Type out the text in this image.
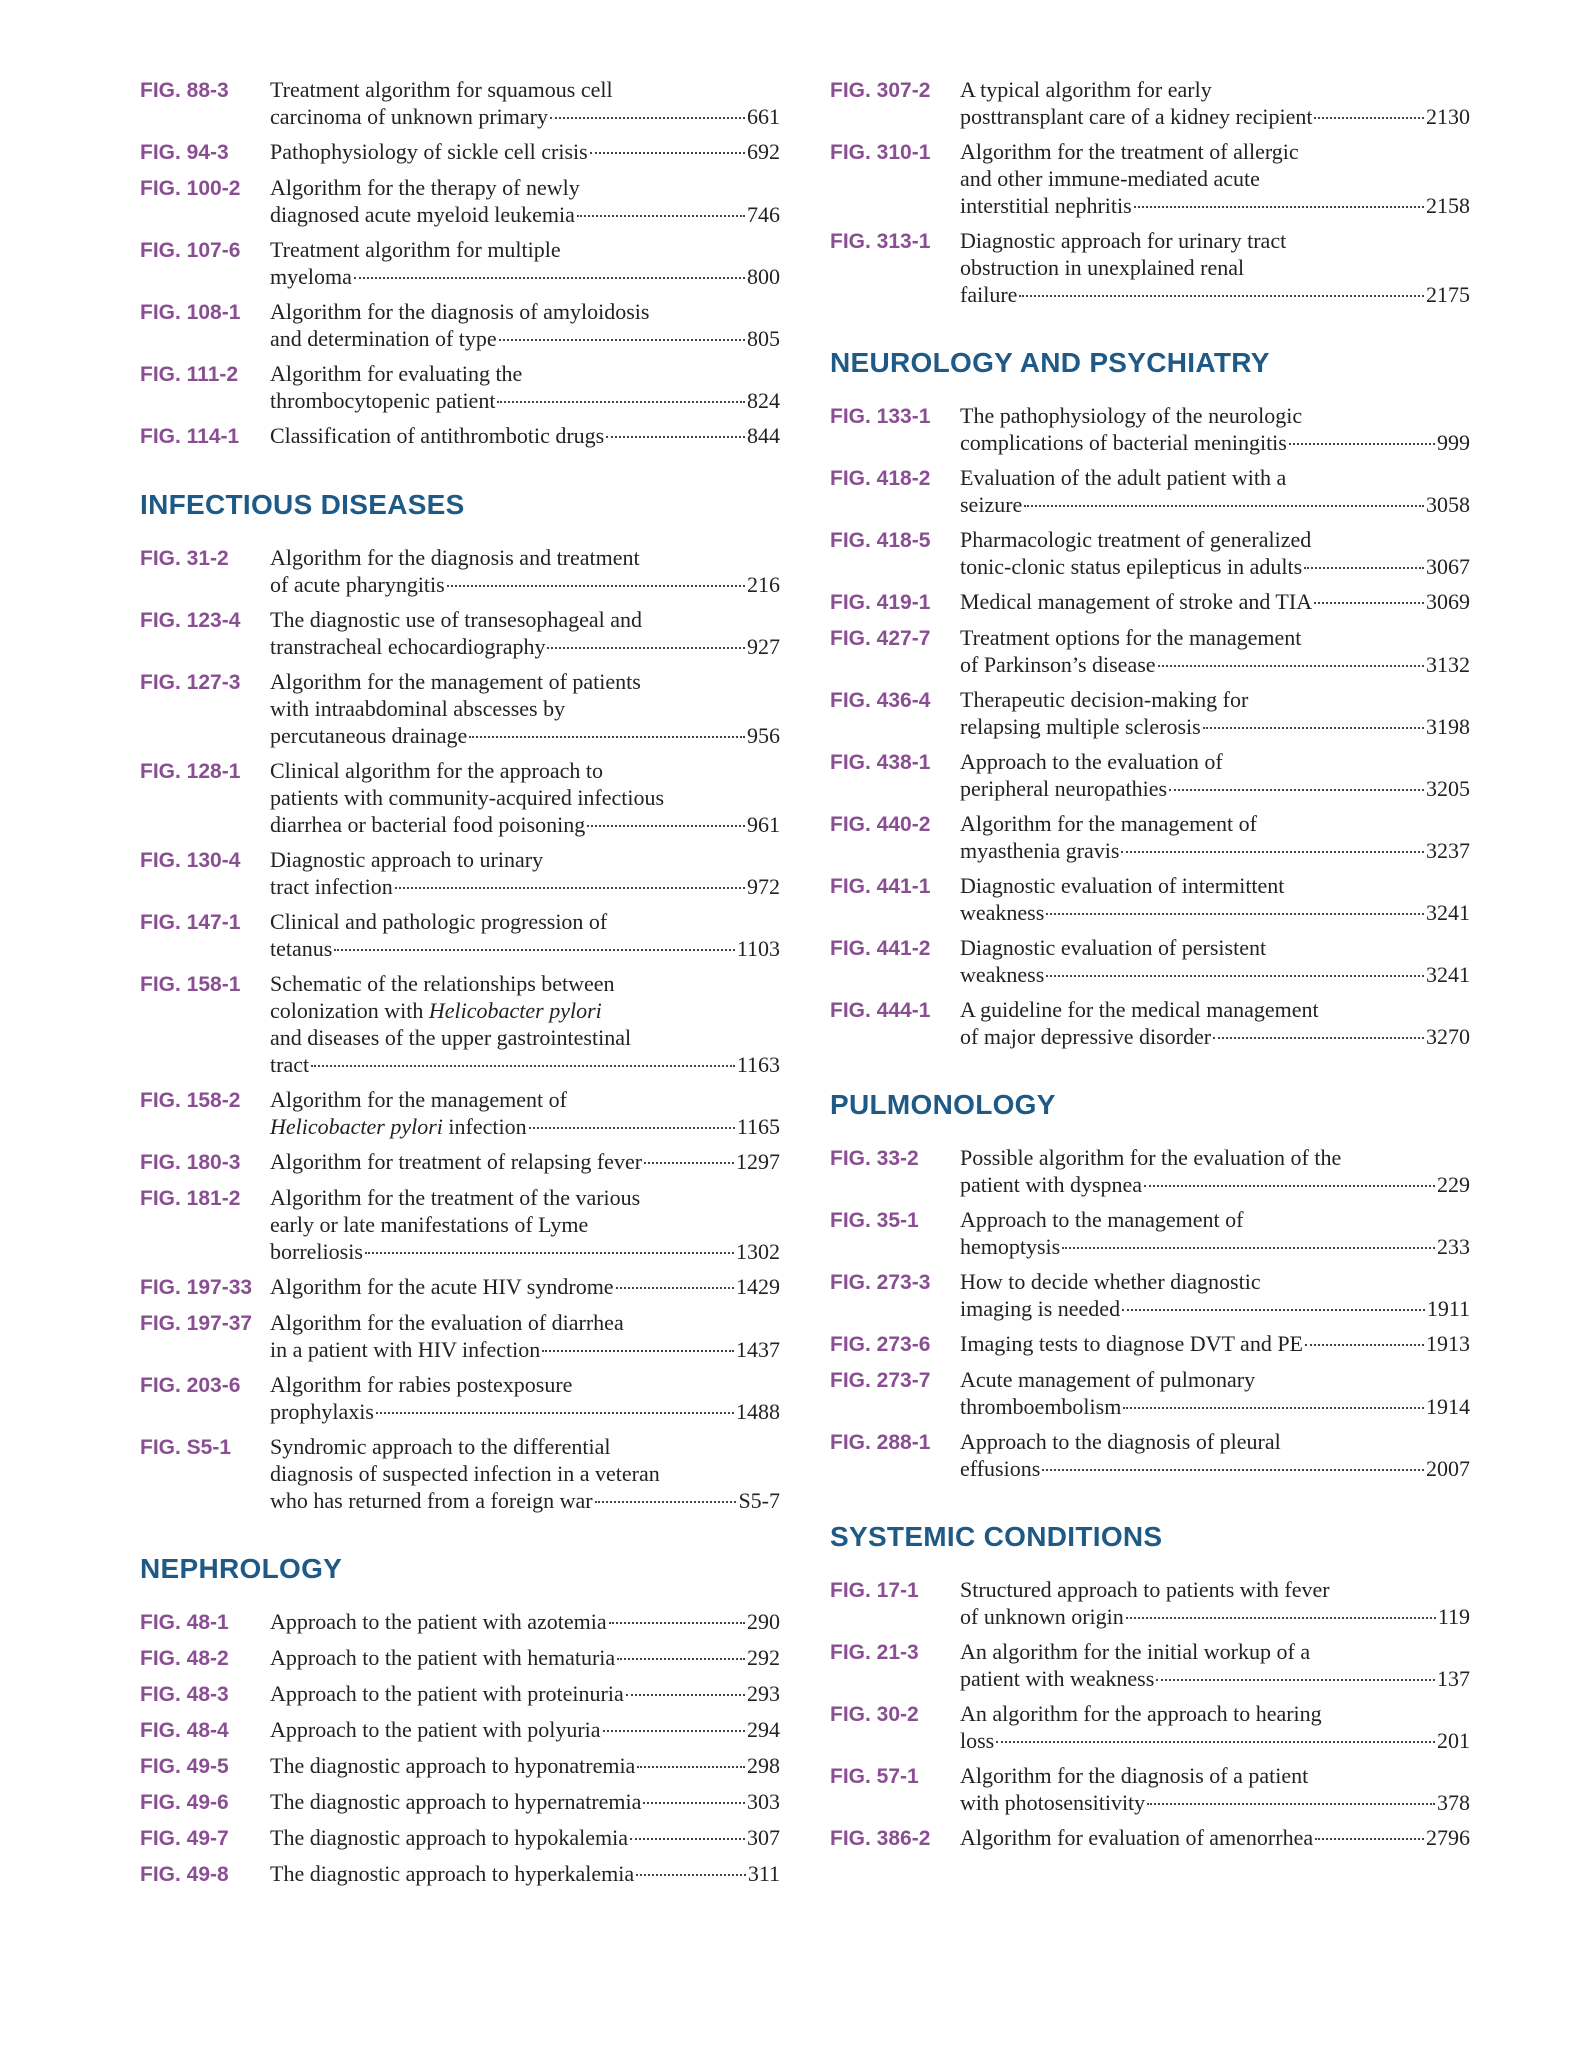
FIG. 88-3	Treatment algorithm for squamous cell
carcinoma of unknown primary	661
FIG. 94-3	Pathophysiology of sickle cell crisis	692
FIG. 100-2	Algorithm for the therapy of newly
diagnosed acute myeloid leukemia	746
FIG. 107-6	Treatment algorithm for multiple
myeloma	800
FIG. 108-1	Algorithm for the diagnosis of amyloidosis
and determination of type	805
FIG. 111-2	Algorithm for evaluating the
thrombocytopenic patient	824
FIG. 114-1	Classification of antithrombotic drugs	844
INFECTIOUS DISEASES
FIG. 31-2	Algorithm for the diagnosis and treatment
of acute pharyngitis	216
FIG. 123-4	The diagnostic use of transesophageal and
transtracheal echocardiography	927
FIG. 127-3	Algorithm for the management of patients
with intraabdominal abscesses by
percutaneous drainage	956
FIG. 128-1	Clinical algorithm for the approach to
patients with community-acquired infectious
diarrhea or bacterial food poisoning	961
FIG. 130-4	Diagnostic approach to urinary
tract infection	972
FIG. 147-1	Clinical and pathologic progression of
tetanus	1103
FIG. 158-1	Schematic of the relationships between
colonization with Helicobacter pylori
and diseases of the upper gastrointestinal
tract	1163
FIG. 158-2	Algorithm for the management of
Helicobacter pylori infection	1165
FIG. 180-3	Algorithm for treatment of relapsing fever	1297
FIG. 181-2	Algorithm for the treatment of the various
early or late manifestations of Lyme
borreliosis	1302
FIG. 197-33 Algorithm for the acute HIV syndrome	1429
FIG. 197-37 Algorithm for the evaluation of diarrhea
in a patient with HIV infection	1437
FIG. 203-6	Algorithm for rabies postexposure
prophylaxis	1488
FIG. S5-1	Syndromic approach to the differential
diagnosis of suspected infection in a veteran
who has returned from a foreign war	S5-7
NEPHROLOGY
FIG. 48-1	Approach to the patient with azotemia	290
FIG. 48-2	Approach to the patient with hematuria	292
FIG. 48-3	Approach to the patient with proteinuria	293
FIG. 48-4	Approach to the patient with polyuria	294
FIG. 49-5	The diagnostic approach to hyponatremia	298
FIG. 49-6	The diagnostic approach to hypernatremia	303
FIG. 49-7	The diagnostic approach to hypokalemia	307
FIG. 49-8	The diagnostic approach to hyperkalemia	311
FIG. 307-2	A typical algorithm for early
posttransplant care of a kidney recipient	2130
FIG. 310-1	Algorithm for the treatment of allergic
and other immune-mediated acute
interstitial nephritis	2158
FIG. 313-1	Diagnostic approach for urinary tract
obstruction in unexplained renal
failure	2175
NEUROLOGY AND PSYCHIATRY
FIG. 133-1	The pathophysiology of the neurologic
complications of bacterial meningitis	999
FIG. 418-2	Evaluation of the adult patient with a
seizure	3058
FIG. 418-5	Pharmacologic treatment of generalized
tonic-clonic status epilepticus in adults	3067
FIG. 419-1	Medical management of stroke and TIA	3069
FIG. 427-7	Treatment options for the management
of Parkinson’s disease	3132
FIG. 436-4	Therapeutic decision-making for
relapsing multiple sclerosis	3198
FIG. 438-1	Approach to the evaluation of
peripheral neuropathies	3205
FIG. 440-2	Algorithm for the management of
myasthenia gravis	3237
FIG. 441-1	Diagnostic evaluation of intermittent
weakness	3241
FIG. 441-2	Diagnostic evaluation of persistent
weakness	3241
FIG. 444-1	A guideline for the medical management
of major depressive disorder	3270
PULMONOLOGY
FIG. 33-2	Possible algorithm for the evaluation of the
patient with dyspnea	229
FIG. 35-1	Approach to the management of
hemoptysis	233
FIG. 273-3	How to decide whether diagnostic
imaging is needed	1911
FIG. 273-6	Imaging tests to diagnose DVT and PE	1913
FIG. 273-7	Acute management of pulmonary
thromboembolism	1914
FIG. 288-1	Approach to the diagnosis of pleural
effusions	2007
SYSTEMIC CONDITIONS
FIG. 17-1	Structured approach to patients with fever
of unknown origin	119
FIG. 21-3	An algorithm for the initial workup of a
patient with weakness	137
FIG. 30-2	An algorithm for the approach to hearing
loss	201
FIG. 57-1	Algorithm for the diagnosis of a patient
with photosensitivity	378
FIG. 386-2	Algorithm for evaluation of amenorrhea	2796
